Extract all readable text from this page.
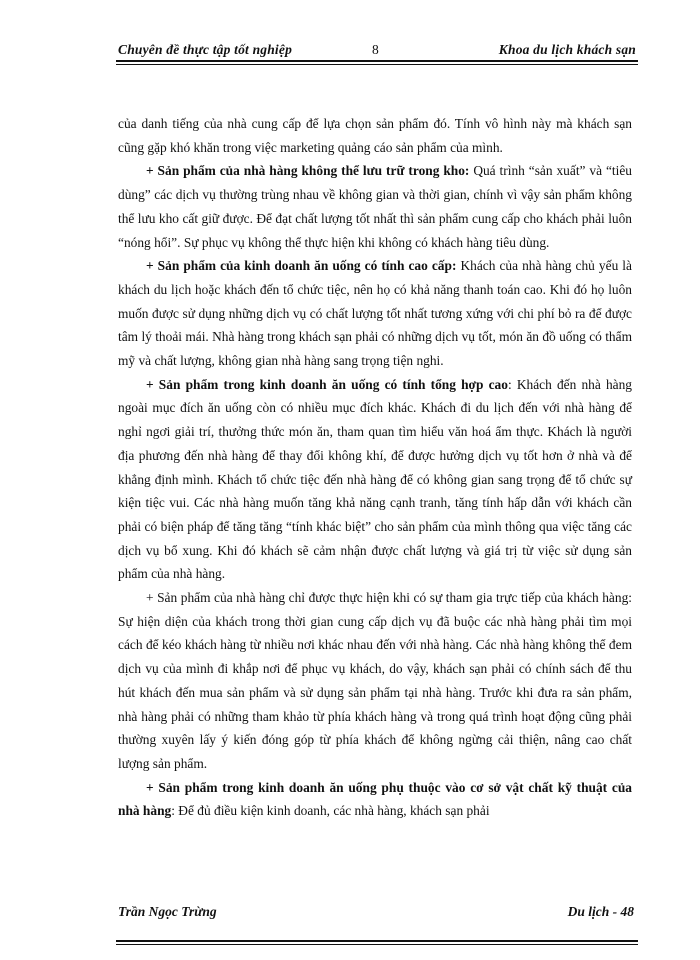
Chuyên đề thực tập tốt nghiệp	8	Khoa du lịch khách sạn

của danh tiếng của nhà cung cấp để lựa chọn sản phẩm đó. Tính vô hình này mà khách sạn cũng gặp khó khăn trong việc marketing quảng cáo sản phẩm của mình.

+ Sản phẩm của nhà hàng không thể lưu trữ trong kho: Quá trình “sản xuất” và “tiêu dùng” các dịch vụ thường trùng nhau về không gian và thời gian, chính vì vậy sản phẩm không thể lưu kho cất giữ được. Để đạt chất lượng tốt nhất thì sản phẩm cung cấp cho khách phải luôn “nóng hổi”. Sự phục vụ không thể thực hiện khi không có khách hàng tiêu dùng.

+ Sản phẩm của kinh doanh ăn uống có tính cao cấp: Khách của nhà hàng chủ yếu là khách du lịch hoặc khách đến tổ chức tiệc, nên họ có khả năng thanh toán cao. Khi đó họ luôn muốn được sử dụng những dịch vụ có chất lượng tốt nhất tương xứng với chi phí bỏ ra để được tâm lý thoải mái. Nhà hàng trong khách sạn phải có những dịch vụ tốt, món ăn đồ uống có thẩm mỹ và chất lượng, không gian nhà hàng sang trọng tiện nghi.

+ Sản phẩm trong kinh doanh ăn uống có tính tổng hợp cao: Khách đến nhà hàng ngoài mục đích ăn uống còn có nhiều mục đích khác. Khách đi du lịch đến với nhà hàng để nghỉ ngơi giải trí, thưởng thức món ăn, tham quan tìm hiểu văn hoá ẩm thực. Khách là người địa phương đến nhà hàng để thay đổi không khí, để được hưởng dịch vụ tốt hơn ở nhà và để khẳng định mình. Khách tổ chức tiệc đến nhà hàng để có không gian sang trọng để tổ chức sự kiện tiệc vui. Các nhà hàng muốn tăng khả năng cạnh tranh, tăng tính hấp dẫn với khách cần phải có biện pháp để tăng tăng “tính khác biệt” cho sản phẩm của mình thông qua việc tăng các dịch vụ bổ xung. Khi đó khách sẽ cảm nhận được chất lượng và giá trị từ việc sử dụng sản phẩm của nhà hàng.

+ Sản phẩm của nhà hàng chỉ được thực hiện khi có sự tham gia trực tiếp của khách hàng: Sự hiện diện của khách trong thời gian cung cấp dịch vụ đã buộc các nhà hàng phải tìm mọi cách để kéo khách hàng từ nhiều nơi khác nhau đến với nhà hàng. Các nhà hàng không thể đem dịch vụ của mình đi khắp nơi để phục vụ khách, do vậy, khách sạn phải có chính sách để thu hút khách đến mua sản phẩm và sử dụng sản phẩm tại nhà hàng. Trước khi đưa ra sản phẩm, nhà hàng phải có những tham khảo từ phía khách hàng và trong quá trình hoạt động cũng phải thường xuyên lấy ý kiến đóng góp từ phía khách để không ngừng cải thiện, nâng cao chất lượng sản phẩm.

+ Sản phẩm trong kinh doanh ăn uống phụ thuộc vào cơ sở vật chất kỹ thuật của nhà hàng: Để đủ điều kiện kinh doanh, các nhà hàng, khách sạn phải

Trần Ngọc Trừng	Du lịch - 48
